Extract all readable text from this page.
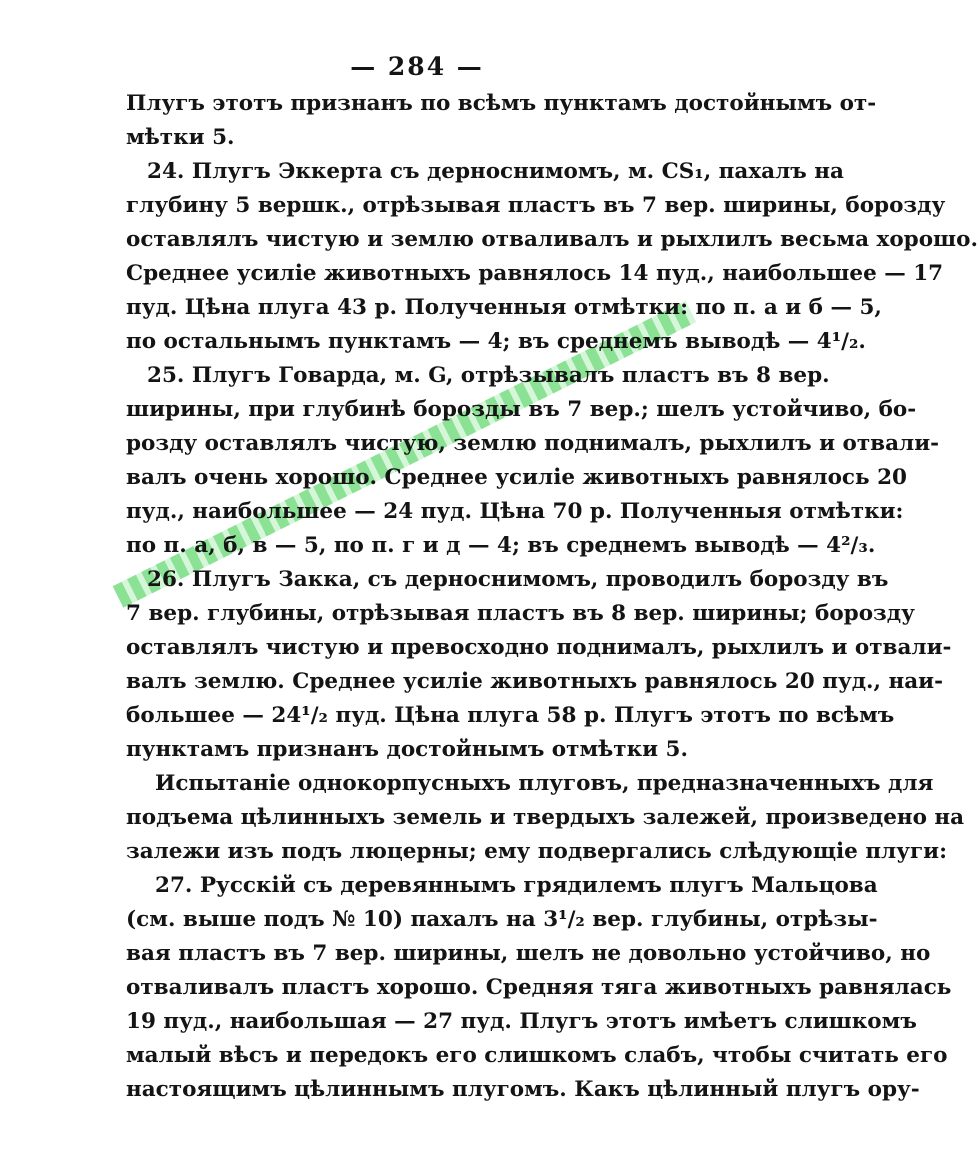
— 284 —
Плугъ этотъ признанъ по всѣмъ пунктамъ достойнымъ от-
мѣтки 5.
24. Плугъ Эккерта съ дерноснимомъ, м. CS₁, пахалъ на
глубину 5 вершк., отрѣзывая пластъ въ 7 вер. ширины, борозду
оставлялъ чистую и землю отваливалъ и рыхлилъ весьма хорошо.
Среднее усиліе животныхъ равнялось 14 пуд., наибольшее — 17
пуд. Цѣна плуга 43 р. Полученныя отмѣтки: по п. а и б — 5,
по остальнымъ пунктамъ — 4; въ среднемъ выводѣ — 4¹/₂.
25. Плугъ Говарда, м. G, отрѣзывалъ пластъ въ 8 вер.
ширины, при глубинѣ борозды въ 7 вер.; шелъ устойчиво, бо-
розду оставлялъ чистую, землю поднималъ, рыхлилъ и отвали-
валъ очень хорошо. Среднее усиліе животныхъ равнялось 20
пуд., наибольшее — 24 пуд. Цѣна 70 р. Полученныя отмѣтки:
по п. а, б, в — 5, по п. г и д — 4; въ среднемъ выводѣ — 4²/₃.
26. Плугъ Закка, съ дерноснимомъ, проводилъ борозду въ
7 вер. глубины, отрѣзывая пластъ въ 8 вер. ширины; борозду
оставлялъ чистую и превосходно поднималъ, рыхлилъ и отвали-
валъ землю. Среднее усиліе животныхъ равнялось 20 пуд., наи-
большее — 24¹/₂ пуд. Цѣна плуга 58 р. Плугъ этотъ по всѣмъ
пунктамъ признанъ достойнымъ отмѣтки 5.
Испытаніе однокорпусныхъ плуговъ, предназначенныхъ для
подъема цѣлинныхъ земель и твердыхъ залежей, произведено на
залежи изъ подъ люцерны; ему подвергались слѣдующіе плуги:
27. Русскій съ деревяннымъ грядилемъ плугъ Мальцова
(см. выше подъ № 10) пахалъ на 3¹/₂ вер. глубины, отрѣзы-
вая пластъ въ 7 вер. ширины, шелъ не довольно устойчиво, но
отваливалъ пластъ хорошо. Средняя тяга животныхъ равнялась
19 пуд., наибольшая — 27 пуд. Плугъ этотъ имѣетъ слишкомъ
малый вѣсъ и передокъ его слишкомъ слабъ, чтобы считать его
настоящимъ цѣлиннымъ плугомъ. Какъ цѣлинный плугъ ору-
